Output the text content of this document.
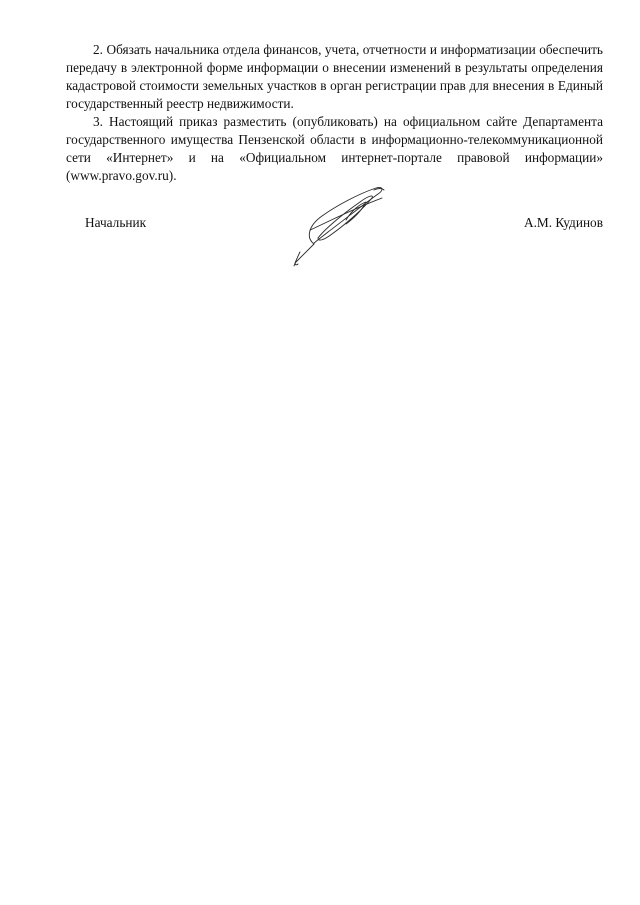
2. Обязать начальника отдела финансов, учета, отчетности и информатизации обеспечить передачу в электронной форме информации о внесении изменений в результаты определения кадастровой стоимости земельных участков в орган регистрации прав для внесения в Единый государственный реестр недвижимости.

3. Настоящий приказ разместить (опубликовать) на официальном сайте Департамента государственного имущества Пензенской области в информационно-телекоммуникационной сети «Интернет» и на «Официальном интернет-портале правовой информации» (www.pravo.gov.ru).

Начальник	А.М. Кудинов
